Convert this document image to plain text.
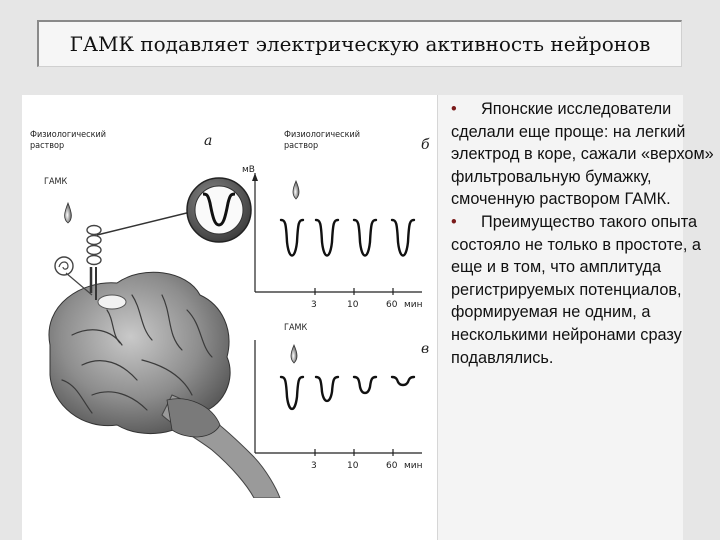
ГАМК подавляет электрическую активность нейронов
Физиологический
раствор
ГАМК
а	Физиологический
раствор	б
мВ
3	10	60 мин
ГАМК
в
3	10	60 мин
• Японские исследователи сделали еще проще: на легкий электрод в коре, сажали «верхом» фильтровальную бумажку, смоченную раствором ГАМК.
• Преимущество такого опыта состояло не только в простоте, а еще и в том, что амплитуда регистрируемых потенциалов, формируемая не одним, а несколькими нейронами сразу подавлялись.
